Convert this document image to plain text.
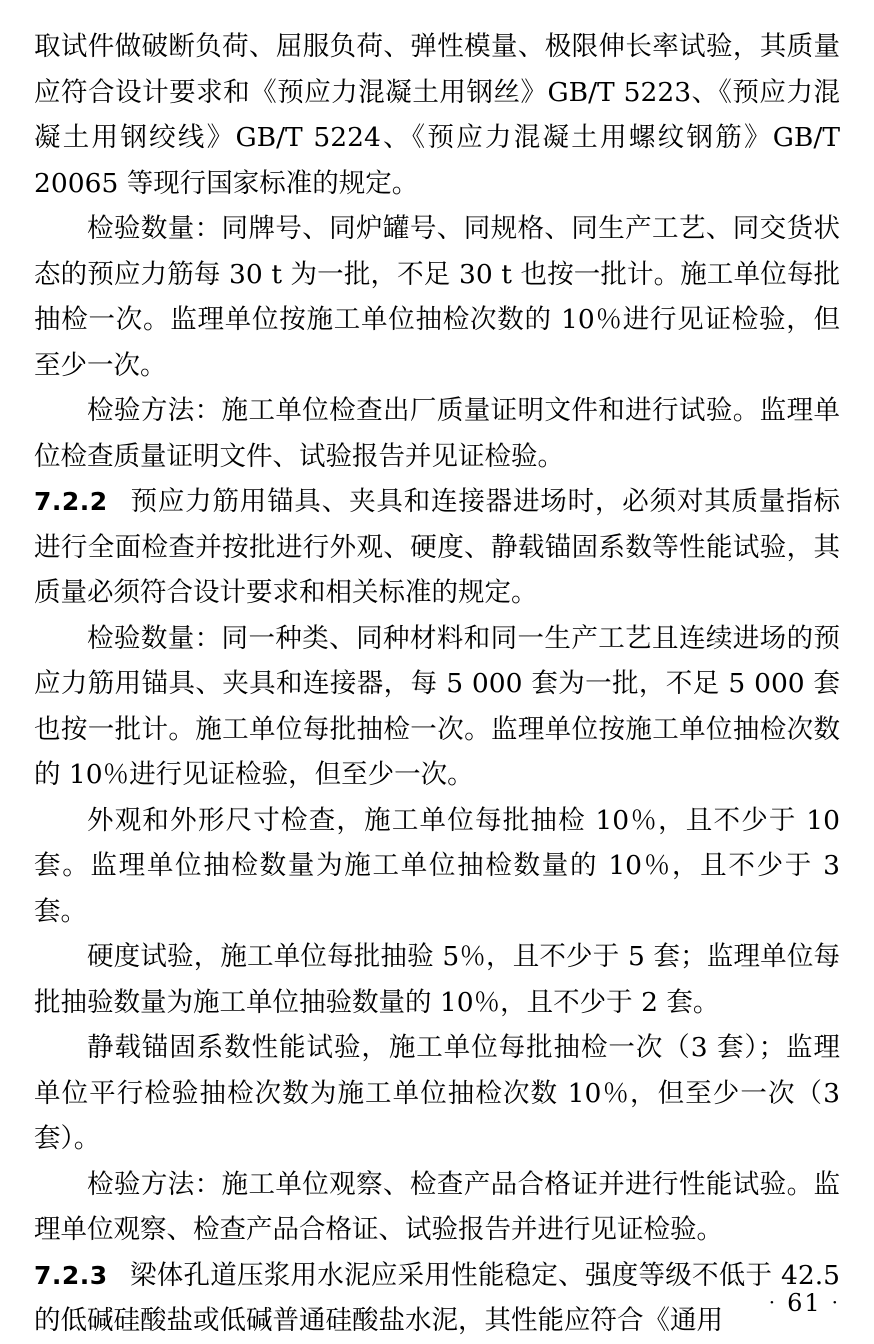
取试件做破断负荷、屈服负荷、弹性模量、极限伸长率试验，其质量应符合设计要求和《预应力混凝土用钢丝》GB/T 5223、《预应力混凝土用钢绞线》GB/T 5224、《预应力混凝土用螺纹钢筋》GB/T 20065 等现行国家标准的规定。

检验数量：同牌号、同炉罐号、同规格、同生产工艺、同交货状态的预应力筋每 30 t 为一批，不足 30 t 也按一批计。施工单位每批抽检一次。监理单位按施工单位抽检次数的 10％进行见证检验，但至少一次。

检验方法：施工单位检查出厂质量证明文件和进行试验。监理单位检查质量证明文件、试验报告并见证检验。

7.2.2 预应力筋用锚具、夹具和连接器进场时，必须对其质量指标进行全面检查并按批进行外观、硬度、静载锚固系数等性能试验，其质量必须符合设计要求和相关标准的规定。

检验数量：同一种类、同种材料和同一生产工艺且连续进场的预应力筋用锚具、夹具和连接器，每 5 000 套为一批，不足 5 000 套也按一批计。施工单位每批抽检一次。监理单位按施工单位抽检次数的 10％进行见证检验，但至少一次。

外观和外形尺寸检查，施工单位每批抽检 10％，且不少于 10 套。监理单位抽检数量为施工单位抽检数量的 10％，且不少于 3 套。

硬度试验，施工单位每批抽验 5％，且不少于 5 套；监理单位每批抽验数量为施工单位抽验数量的 10％，且不少于 2 套。

静载锚固系数性能试验，施工单位每批抽检一次（3 套）；监理单位平行检验抽检次数为施工单位抽检次数 10％，但至少一次（3 套）。

检验方法：施工单位观察、检查产品合格证并进行性能试验。监理单位观察、检查产品合格证、试验报告并进行见证检验。

7.2.3 梁体孔道压浆用水泥应采用性能稳定、强度等级不低于 42.5 的低碱硅酸盐或低碱普通硅酸盐水泥，其性能应符合《通用

· 61 ·
